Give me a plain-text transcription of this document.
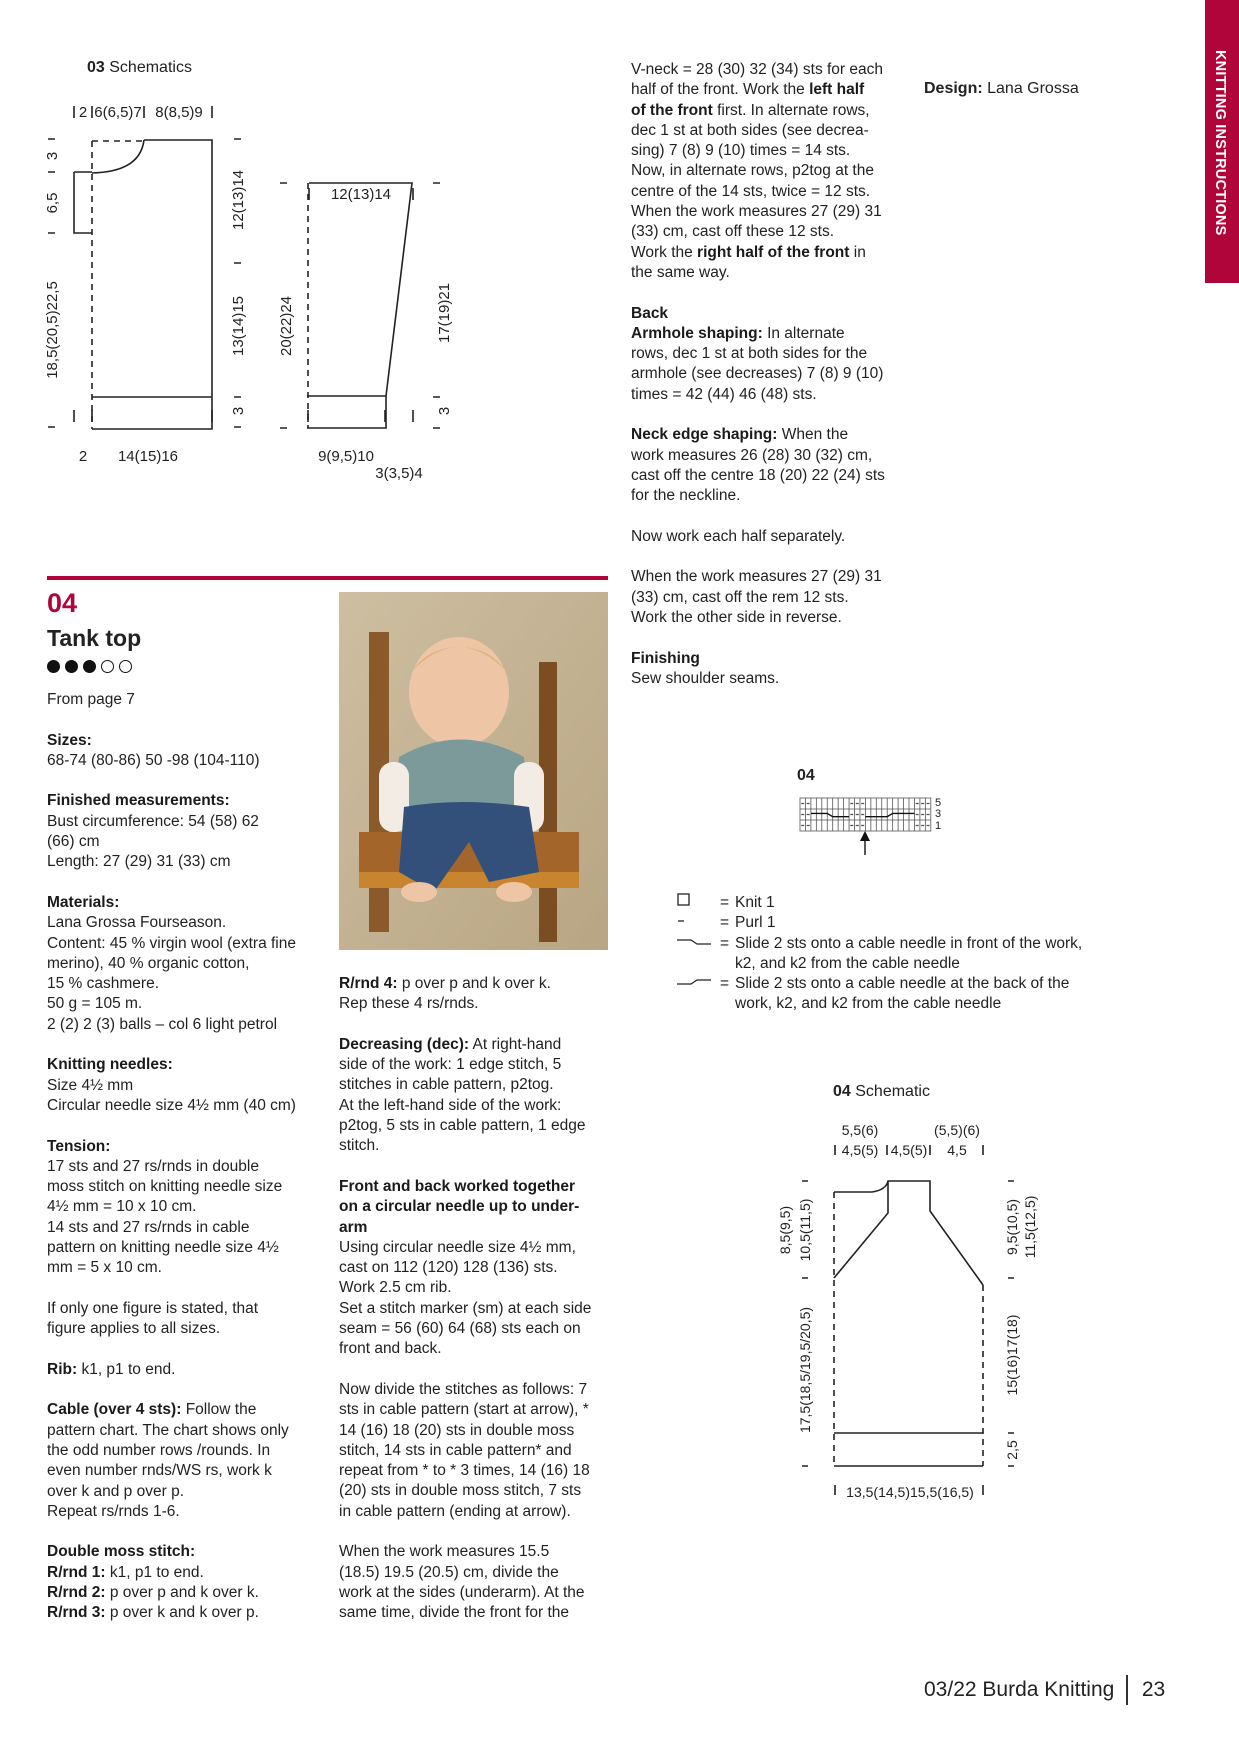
KNITTING INSTRUCTIONS
Design: Lana Grossa
03 Schematics
2 6(6,5)7 8(8,5)9
3
6,5
18,5(20,5)22,5
12(13)14
13(14)15
3
2 14(15)16
12(13)14
20(22)24	17(19)21
3
9(9,5)10
3(3,5)4
04
Tank top
From page 7
Sizes:
68-74 (80-86) 50 -98 (104-110)
Finished measurements:
Bust circumference: 54 (58) 62
(66) cm
Length: 27 (29) 31 (33) cm
Materials:
Lana Grossa Fourseason.
Content: 45 % virgin wool (extra fine
merino), 40 % organic cotton,
15 % cashmere.
50 g = 105 m.
2 (2) 2 (3) balls – col 6 light petrol
Knitting needles:
Size 4½ mm
Circular needle size 4½ mm (40 cm)
Tension:
17 sts and 27 rs/rnds in double
moss stitch on knitting needle size
4½ mm = 10 x 10 cm.
14 sts and 27 rs/rnds in cable
pattern on knitting needle size 4½
mm = 5 x 10 cm.
If only one figure is stated, that
figure applies to all sizes.
Rib: k1, p1 to end.
Cable (over 4 sts): Follow the
pattern chart. The chart shows only
the odd number rows /rounds. In
even number rnds/WS rs, work k
over k and p over p.
Repeat rs/rnds 1-6.
Double moss stitch:
R/rnd 1: k1, p1 to end.
R/rnd 2: p over p and k over k.
R/rnd 3: p over k and k over p.
R/rnd 4: p over p and k over k.
Rep these 4 rs/rnds.
Decreasing (dec): At right-hand
side of the work: 1 edge stitch, 5
stitches in cable pattern, p2tog.
At the left-hand side of the work:
p2tog, 5 sts in cable pattern, 1 edge
stitch.
Front and back worked together
on a circular needle up to under-
arm
Using circular needle size 4½ mm,
cast on 112 (120) 128 (136) sts.
Work 2.5 cm rib.
Set a stitch marker (sm) at each side
seam = 56 (60) 64 (68) sts each on
front and back.
Now divide the stitches as follows: 7
sts in cable pattern (start at arrow), *
14 (16) 18 (20) sts in double moss
stitch, 14 sts in cable pattern* and
repeat from * to * 3 times, 14 (16) 18
(20) sts in double moss stitch, 7 sts
in cable pattern (ending at arrow).
When the work measures 15.5
(18.5) 19.5 (20.5) cm, divide the
work at the sides (underarm). At the
same time, divide the front for the
V-neck = 28 (30) 32 (34) sts for each
half of the front. Work the left half
of the front first. In alternate rows,
dec 1 st at both sides (see decrea-
sing) 7 (8) 9 (10) times = 14 sts.
Now, in alternate rows, p2tog at the
centre of the 14 sts, twice = 12 sts.
When the work measures 27 (29) 31
(33) cm, cast off these 12 sts.
Work the right half of the front in
the same way.
Back
Armhole shaping: In alternate
rows, dec 1 st at both sides for the
armhole (see decreases) 7 (8) 9 (10)
times = 42 (44) 46 (48) sts.
Neck edge shaping: When the
work measures 26 (28) 30 (32) cm,
cast off the centre 18 (20) 22 (24) sts
for the neckline.
Now work each half separately.
When the work measures 27 (29) 31
(33) cm, cast off the rem 12 sts.
Work the other side in reverse.
Finishing
Sew shoulder seams.
04
5
3
1
= Knit 1
= Purl 1
= Slide 2 sts onto a cable needle in front of the work,
k2, and k2 from the cable needle
= Slide 2 sts onto a cable needle at the back of the
work, k2, and k2 from the cable needle
04 Schematic
5,5(6)	(5,5)(6)
4,5(5) 4,5(5) 4,5
8,5(9,5) 10,5(11,5)
17,5(18,5/19,5/20,5)
9,5(10,5) 11,5(12,5)
15(16)17(18)
2,5
13,5(14,5)15,5(16,5)
03/22 Burda Knitting 23
